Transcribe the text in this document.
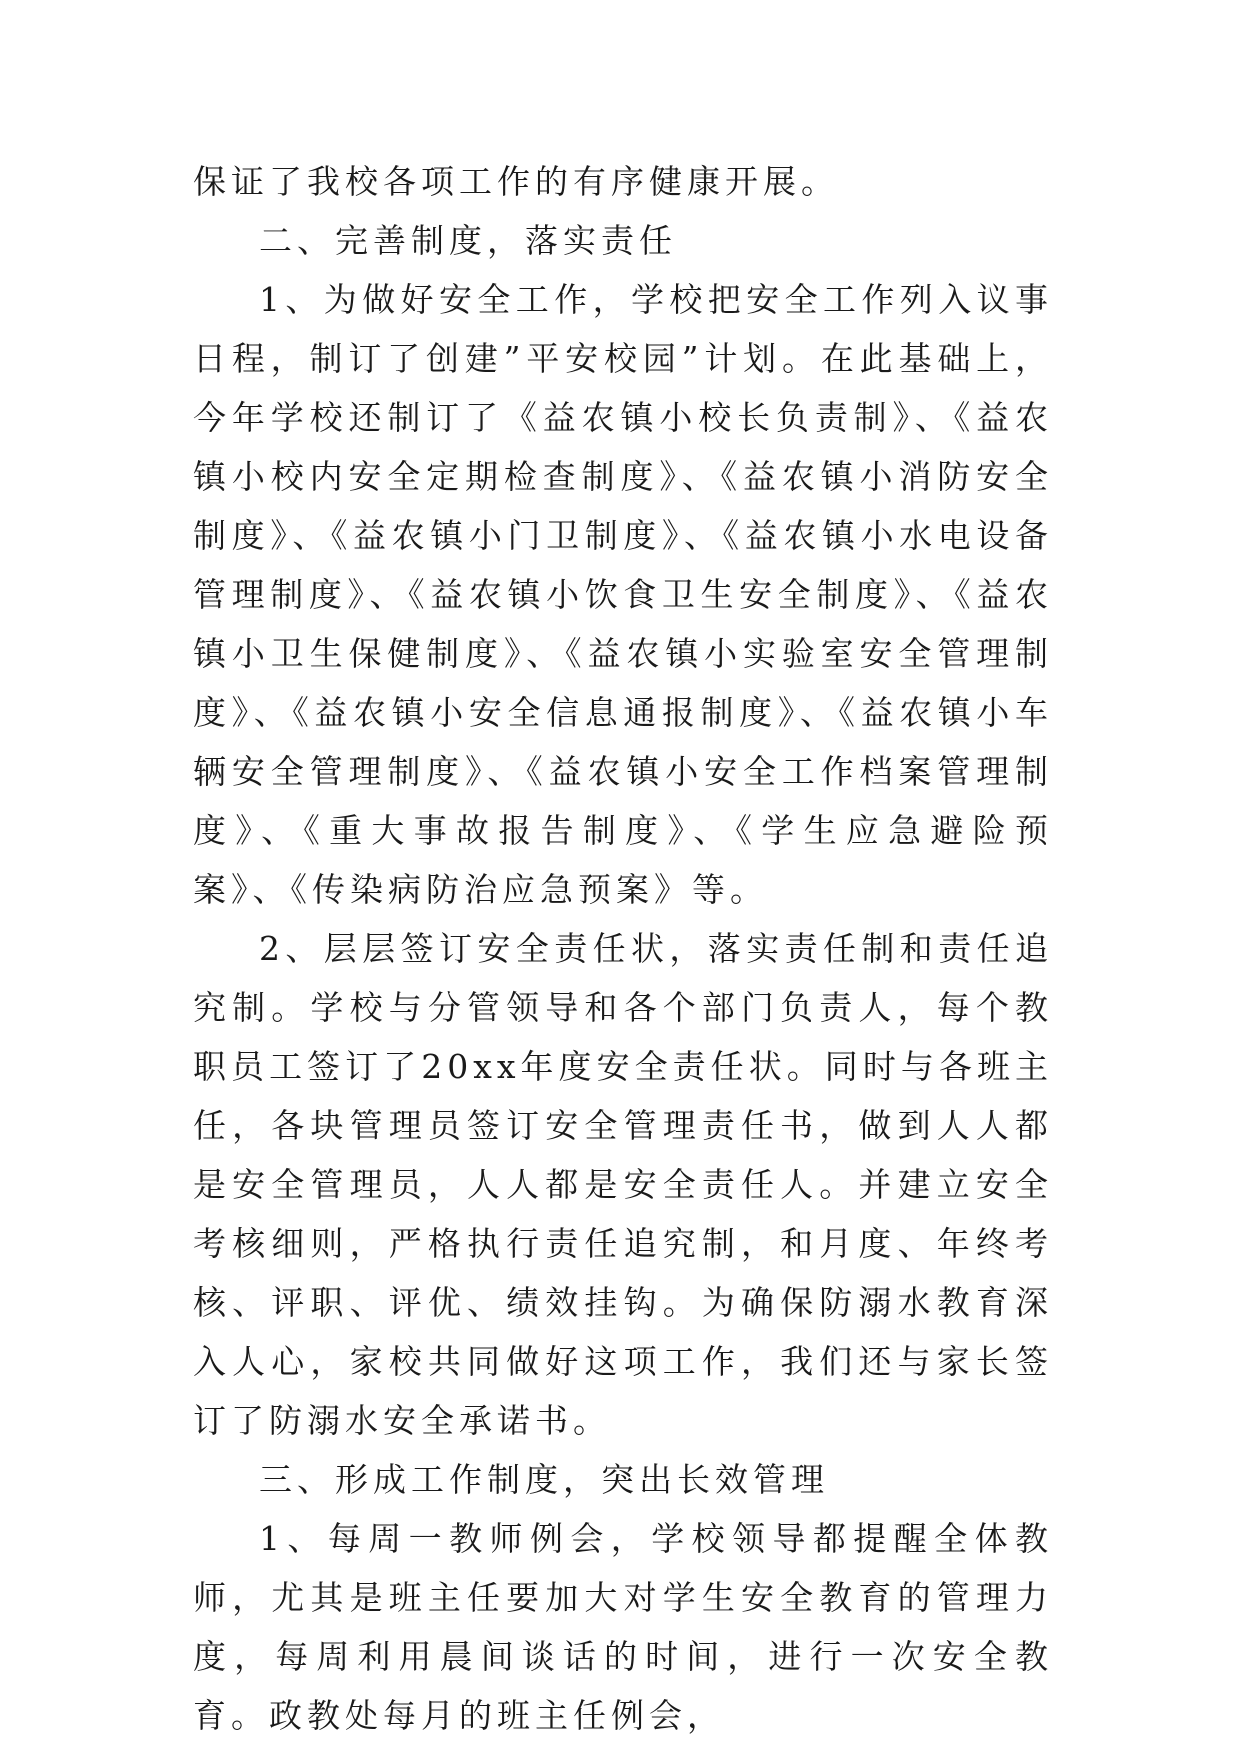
保证了我校各项工作的有序健康开展。

二、完善制度，落实责任

1、为做好安全工作，学校把安全工作列入议事日程，制订了创建”平安校园”计划。在此基础上，今年学校还制订了《益农镇小校长负责制》、《益农镇小校内安全定期检查制度》、《益农镇小消防安全制度》、《益农镇小门卫制度》、《益农镇小水电设备管理制度》、《益农镇小饮食卫生安全制度》、《益农镇小卫生保健制度》、《益农镇小实验室安全管理制度》、《益农镇小安全信息通报制度》、《益农镇小车辆安全管理制度》、《益农镇小安全工作档案管理制度》、《重大事故报告制度》、《学生应急避险预案》、《传染病防治应急预案》等。

2、层层签订安全责任状，落实责任制和责任追究制。学校与分管领导和各个部门负责人，每个教职员工签订了20xx年度安全责任状。同时与各班主任，各块管理员签订安全管理责任书，做到人人都是安全管理员，人人都是安全责任人。并建立安全考核细则，严格执行责任追究制，和月度、年终考核、评职、评优、绩效挂钩。为确保防溺水教育深入人心，家校共同做好这项工作，我们还与家长签订了防溺水安全承诺书。

三、形成工作制度，突出长效管理

1、每周一教师例会，学校领导都提醒全体教师，尤其是班主任要加大对学生安全教育的管理力度，每周利用晨间谈话的时间，进行一次安全教育。政教处每月的班主任例会，
